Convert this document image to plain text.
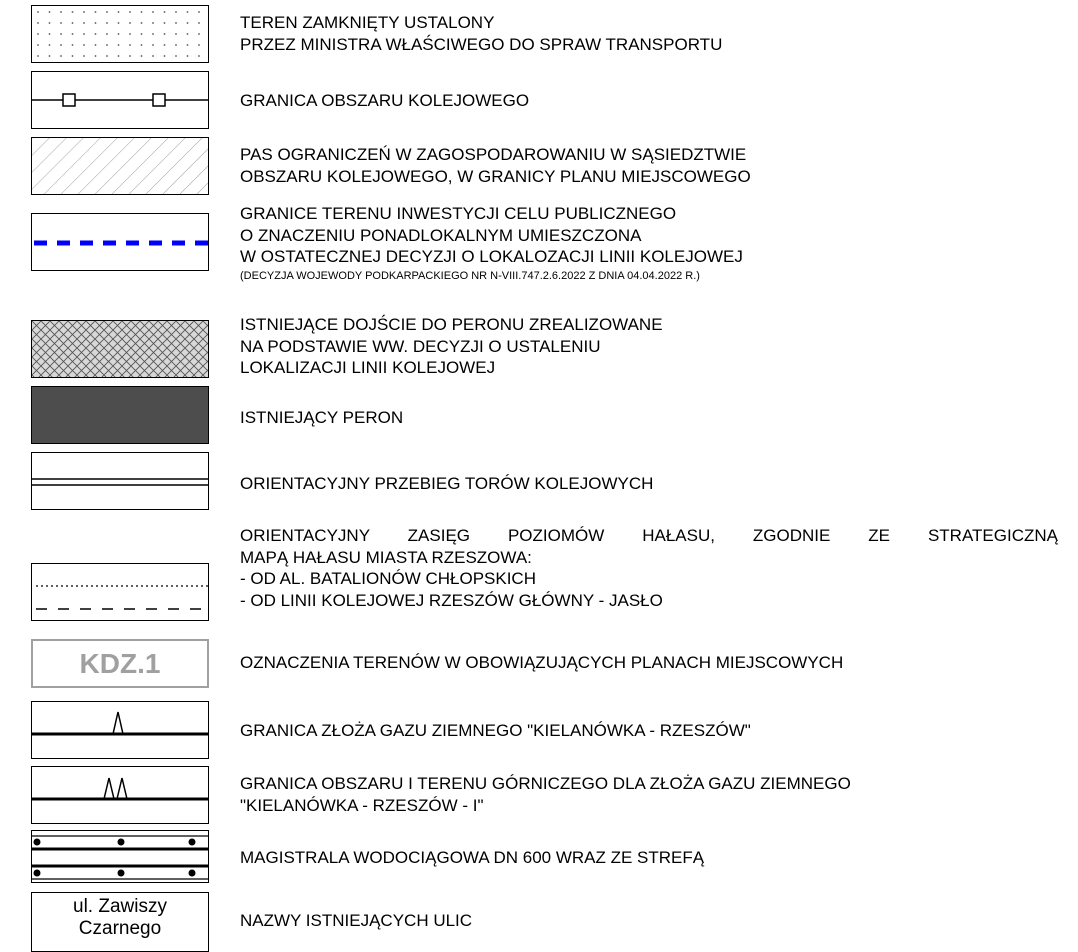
TEREN ZAMKNIĘTY USTALONY
PRZEZ MINISTRA WŁAŚCIWEGO DO SPRAW TRANSPORTU
GRANICA OBSZARU KOLEJOWEGO
PAS OGRANICZEŃ W ZAGOSPODAROWANIU W SĄSIEDZTWIE
OBSZARU KOLEJOWEGO, W GRANICY PLANU MIEJSCOWEGO
GRANICE TERENU INWESTYCJI CELU PUBLICZNEGO
O ZNACZENIU PONADLOKALNYM UMIESZCZONA
W OSTATECZNEJ DECYZJI O LOKALOZACJI LINII KOLEJOWEJ
(DECYZJA WOJEWODY PODKARPACKIEGO NR N-VIII.747.2.6.2022 Z DNIA 04.04.2022 R.)
ISTNIEJĄCE DOJŚCIE DO PERONU ZREALIZOWANE
NA PODSTAWIE WW. DECYZJI O USTALENIU
LOKALIZACJI LINII KOLEJOWEJ
ISTNIEJĄCY PERON
ORIENTACYJNY PRZEBIEG TORÓW KOLEJOWYCH
ORIENTACYJNY ZASIĘG POZIOMÓW HAŁASU, ZGODNIE ZE STRATEGICZNĄ
MAPĄ HAŁASU MIASTA RZESZOWA:
- OD AL. BATALIONÓW CHŁOPSKICH
- OD LINII KOLEJOWEJ RZESZÓW GŁÓWNY - JASŁO
KDZ.1	OZNACZENIA TERENÓW W OBOWIĄZUJĄCYCH PLANACH MIEJSCOWYCH
GRANICA ZŁOŻA GAZU ZIEMNEGO "KIELANÓWKA - RZESZÓW"
GRANICA OBSZARU I TERENU GÓRNICZEGO DLA ZŁOŻA GAZU ZIEMNEGO
"KIELANÓWKA - RZESZÓW - I"
MAGISTRALA WODOCIĄGOWA DN 600 WRAZ ZE STREFĄ
ul. Zawiszy
Czarnego	NAZWY ISTNIEJĄCYCH ULIC
